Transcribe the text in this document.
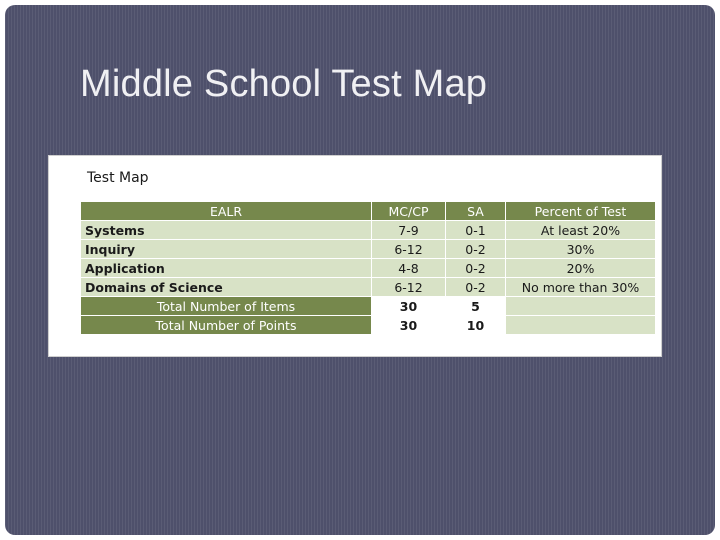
Middle School Test Map
Test Map
EALR	MC/CP	SA	Percent of Test
Systems	7-9	0-1	At least 20%
Inquiry	6-12	0-2	30%
Application	4-8	0-2	20%
Domains of Science	6-12	0-2	No more than 30%
Total Number of Items	30	5	
Total Number of Points	30	10	
